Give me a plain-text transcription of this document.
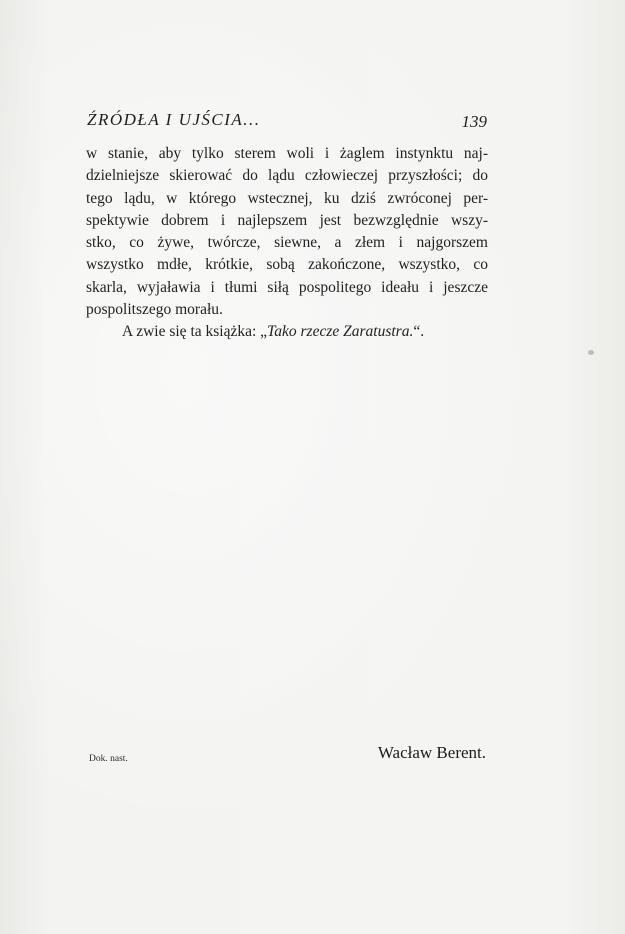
ŹRÓDŁA I UJŚCIA...	139
w stanie, aby tylko sterem woli i żaglem instynktu naj-
dzielniejsze skierować do lądu człowieczej przyszłości; do
tego lądu, w którego wstecznej, ku dziś zwróconej per-
spektywie dobrem i najlepszem jest bezwzględnie wszy-
stko, co żywe, twórcze, siewne, a złem i najgorszem
wszystko mdłe, krótkie, sobą zakończone, wszystko, co
skarla, wyjaławia i tłumi siłą pospolitego ideału i jeszcze
pospolitszego morału.
A zwie się ta książka: „Tako rzecze Zaratustra.“.
Dok. nast.	Wacław Berent.
